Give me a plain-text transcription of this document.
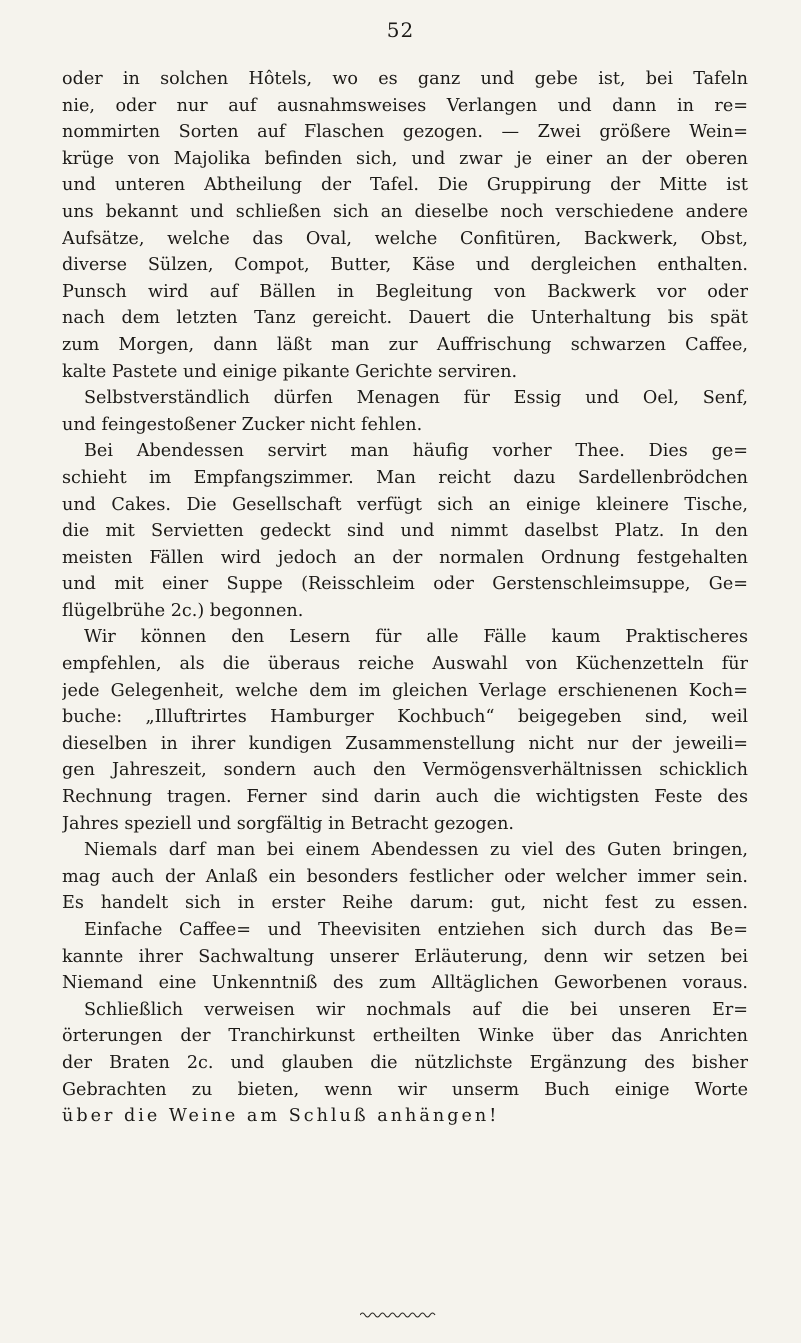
52

oder in solchen Hôtels, wo es ganz und gebe ist, bei Tafeln
nie, oder nur auf ausnahmsweises Verlangen und dann in re=
nommirten Sorten auf Flaschen gezogen. — Zwei größere Wein=
krüge von Majolika befinden sich, und zwar je einer an der oberen
und unteren Abtheilung der Tafel. Die Gruppirung der Mitte ist
uns bekannt und schließen sich an dieselbe noch verschiedene andere
Aufsätze, welche das Oval, welche Confitüren, Backwerk, Obst,
diverse Sülzen, Compot, Butter, Käse und dergleichen enthalten.
Punsch wird auf Bällen in Begleitung von Backwerk vor oder
nach dem letzten Tanz gereicht. Dauert die Unterhaltung bis spät
zum Morgen, dann läßt man zur Auffrischung schwarzen Caffee,
kalte Pastete und einige pikante Gerichte serviren.
Selbstverständlich dürfen Menagen für Essig und Oel, Senf,
und feingestoßener Zucker nicht fehlen.

Bei Abendessen servirt man häufig vorher Thee. Dies ge=
schieht im Empfangszimmer. Man reicht dazu Sardellenbrödchen
und Cakes. Die Gesellschaft verfügt sich an einige kleinere Tische,
die mit Servietten gedeckt sind und nimmt daselbst Platz. In den
meisten Fällen wird jedoch an der normalen Ordnung festgehalten
und mit einer Suppe (Reisschleim oder Gerstenschleimsuppe, Ge=
flügelbrühe 2c.) begonnen.

Wir können den Lesern für alle Fälle kaum Praktischeres
empfehlen, als die überaus reiche Auswahl von Küchenzetteln für
jede Gelegenheit, welche dem im gleichen Verlage erschienenen Koch=
buche: „Illuftrirtes Hamburger Kochbuch“ beigegeben sind, weil
dieselben in ihrer kundigen Zusammenstellung nicht nur der jeweili=
gen Jahreszeit, sondern auch den Vermögensverhältnissen schicklich
Rechnung tragen. Ferner sind darin auch die wichtigsten Feste des
Jahres speziell und sorgfältig in Betracht gezogen.

Niemals darf man bei einem Abendessen zu viel des Guten bringen,
mag auch der Anlaß ein besonders festlicher oder welcher immer sein.
Es handelt sich in erster Reihe darum: gut, nicht fest zu essen.
Einfache Caffee= und Theevisiten entziehen sich durch das Be=
kannte ihrer Sachwaltung unserer Erläuterung, denn wir setzen bei
Niemand eine Unkenntniß des zum Alltäglichen Geworbenen voraus.
Schließlich verweisen wir nochmals auf die bei unseren Er=
örterungen der Tranchirkunst ertheilten Winke über das Anrichten
der Braten 2c. und glauben die nützlichste Ergänzung des bisher
Gebrachten zu bieten, wenn wir unserm Buch einige Worte
über die Weine am Schluß anhängen!
